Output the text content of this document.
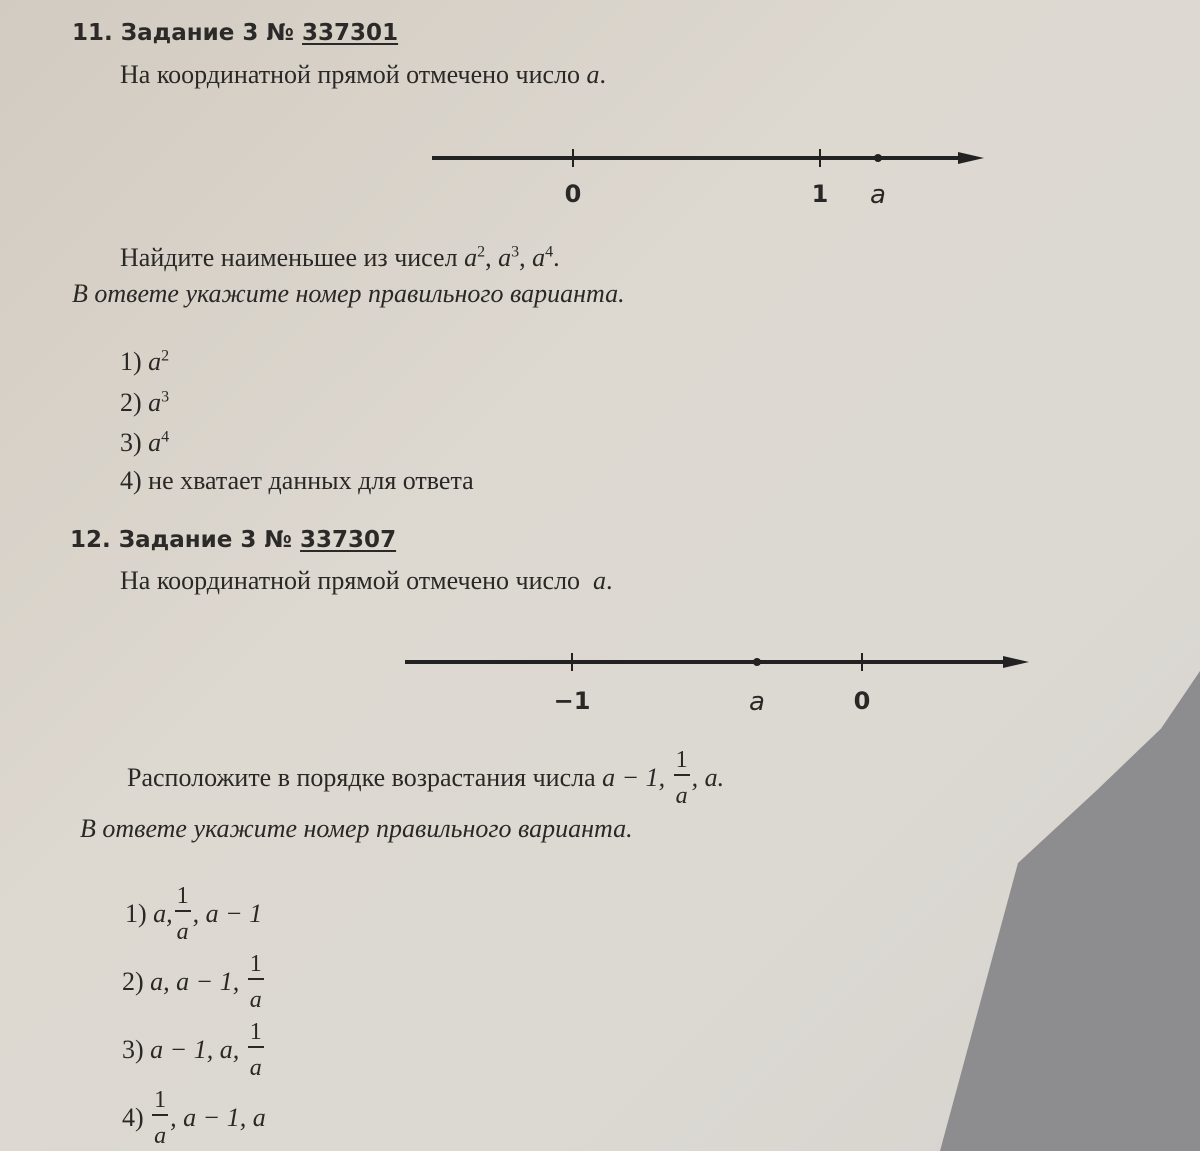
11. Задание 3 № 337301
На координатной прямой отмечено число a.
0	1 a
Найдите наименьшее из чисел $a^2$, $a^3$, $a^4$.
В ответе укажите номер правильного варианта.
1) $a^2$
2) $a^3$
3) $a^4$
4) не хватает данных для ответа
12. Задание 3 № 337307
На координатной прямой отмечено число a.
−1	0
a
Расположите в порядке возрастания числа
a − 1,
$\frac{1}{a}$ , a.
В ответе укажите номер правильного варианта.
1)
a, $\frac{1}{a}$ , a − 1
2)
a, a − 1,
$\frac{1}{a}$
3)
a − 1, a,
$\frac{1}{a}$
4)
$\frac{1}{a}$ , a − 1, a
